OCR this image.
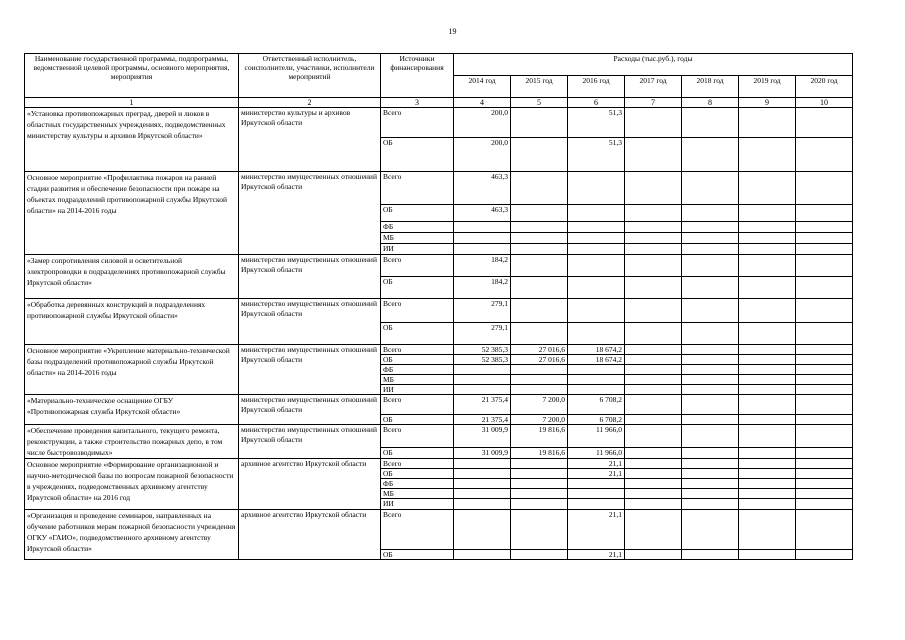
19
Наименование государственной программы, подпрограммы, ведомственной целевой программы, основного мероприятия, мероприятия	Ответственный исполнитель, соисполнители, участники, исполнители мероприятий	Источники финансирования	Расходы (тыс.руб.), годы						
			2014 год	2015 год	2016 год	2017 год	2018 год	2019 год	2020 год
1	2	3	4	5	6	7	8	9	10
«Установка противопожарных преград, дверей и люков в областных государственных учреждениях, подведомственных министерству культуры и архивов Иркутской области»	министерство культуры и архивов Иркутской области	Всего	200,0		51,3				
		ОБ	200,0		51,3				
Основное мероприятие «Профилактика пожаров на ранней стадии развития и обеспечение безопасности при пожаре на объектах подразделений противопожарной службы Иркутской области» на 2014-2016 годы	министерство имущественных отношений Иркутской области	Всего	463,3						
		ОБ	463,3						
		ФБ							
		МБ							
		ИИ							
«Замер сопротивления силовой и осветительной электропроводки в подразделениях противопожарной службы Иркутской области»	министерство имущественных отношений Иркутской области	Всего	184,2						
		ОБ	184,2						
«Обработка деревянных конструкций в подразделениях противопожарной службы Иркутской области»	министерство имущественных отношений Иркутской области	Всего	279,1						
		ОБ	279,1						
Основное мероприятие «Укрепление материально-технической базы подразделений противопожарной службы Иркутской области» на 2014-2016 годы	министерство имущественных отношений Иркутской области	Всего	52 385,3	27 016,6	18 674,2				
		ОБ	52 385,3	27 016,6	18 674,2				
		ФБ							
		МБ							
		ИИ							
«Материально-техническое оснащение ОГБУ «Противопожарная служба Иркутской области»	министерство имущественных отношений Иркутской области	Всего	21 375,4	7 200,0	6 708,2				
		ОБ	21 375,4	7 200,0	6 708,2				
«Обеспечение проведения капитального, текущего ремонта, реконструкции, а также строительство пожарных депо, в том числе быстровозводимых»	министерство имущественных отношений Иркутской области	Всего	31 009,9	19 816,6	11 966,0				
		ОБ	31 009,9	19 816,6	11 966,0				
Основное мероприятие «Формирование организационной и научно-методической базы по вопросам пожарной безопасности в учреждениях, подведомственных архивному агентству Иркутской области» на 2016 год	архивное агентство Иркутской области	Всего			21,1				
		ОБ			21,1				
		ФБ							
		МБ							
		ИИ							
«Организация и проведение семинаров, направленных на обучение работников мерам пожарной безопасности учреждения ОГКУ «ГАИО», подведомственного архивному агентству Иркутской области»	архивное агентство Иркутской области	Всего			21,1				
		ОБ			21,1				
